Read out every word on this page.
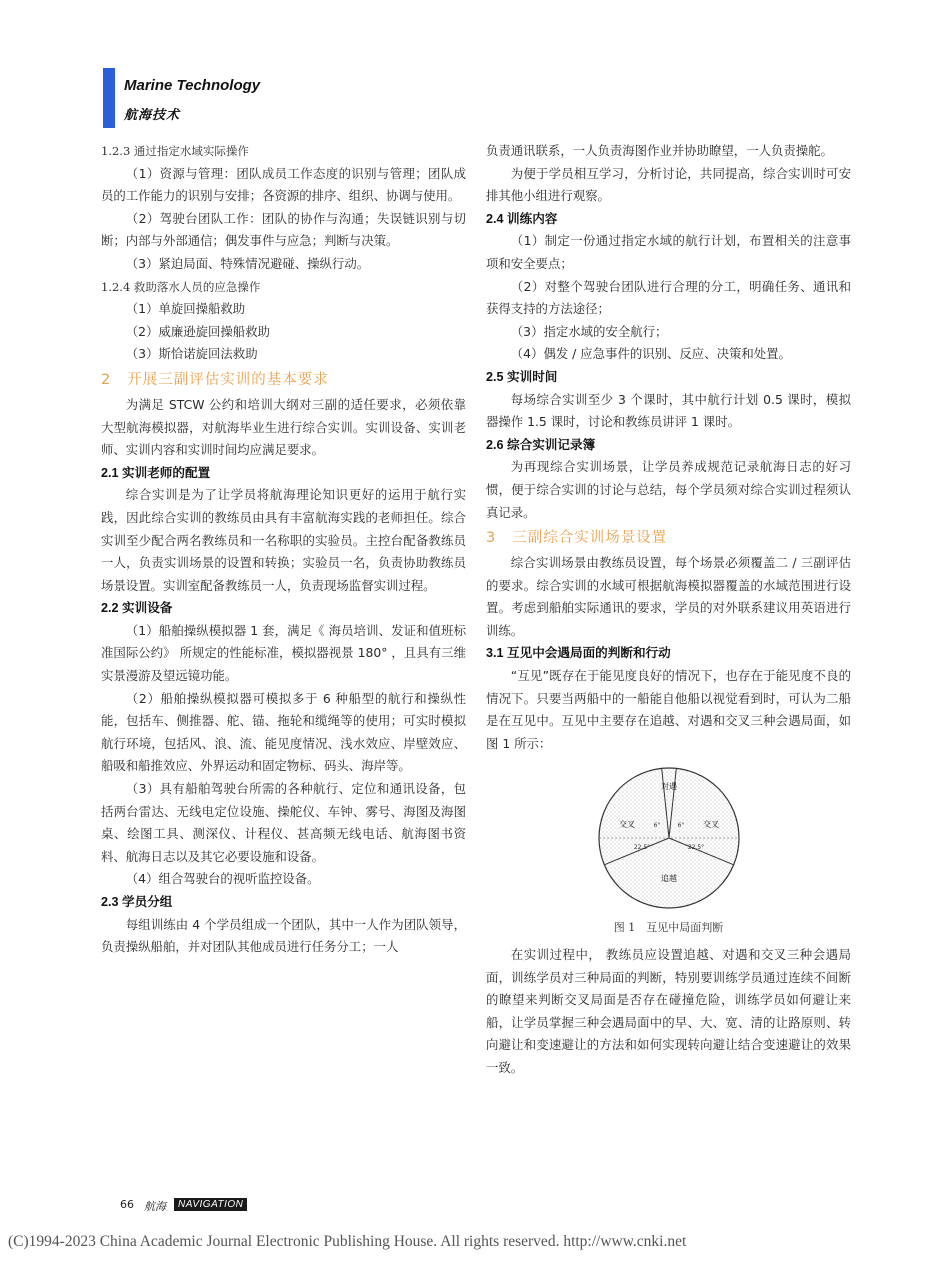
Marine Technology
航海技术

1.2.3 通过指定水域实际操作

（1）资源与管理：团队成员工作态度的识别与管理；团队成员的工作能力的识别与安排；各资源的排序、组织、协调与使用。

（2）驾驶台团队工作：团队的协作与沟通；失误链识别与切断；内部与外部通信；偶发事件与应急；判断与决策。

（3）紧迫局面、特殊情况避碰、操纵行动。

1.2.4 救助落水人员的应急操作

（1）单旋回操船救助

（2）威廉逊旋回操船救助

（3）斯恰诺旋回法救助

2 开展三副评估实训的基本要求

为满足 STCW 公约和培训大纲对三副的适任要求，必须依靠大型航海模拟器，对航海毕业生进行综合实训。实训设备、实训老师、实训内容和实训时间均应满足要求。

2.1 实训老师的配置

综合实训是为了让学员将航海理论知识更好的运用于航行实践，因此综合实训的教练员由具有丰富航海实践的老师担任。综合实训至少配合两名教练员和一名称职的实验员。主控台配备教练员一人，负责实训场景的设置和转换；实验员一名，负责协助教练员场景设置。实训室配备教练员一人，负责现场监督实训过程。

2.2 实训设备

（1）船舶操纵模拟器 1 套，满足《 海员培训、发证和值班标准国际公约》 所规定的性能标准，模拟器视景 180° ，且具有三维实景漫游及望远镜功能。

（2）船舶操纵模拟器可模拟多于 6 种船型的航行和操纵性能，包括车、侧推器、舵、锚、拖轮和缆绳等的使用；可实时模拟航行环境，包括风、浪、流、能见度情况、浅水效应、岸壁效应、船吸和船推效应、外界运动和固定物标、码头、海岸等。

（3）具有船舶驾驶台所需的各种航行、定位和通讯设备，包括两台雷达、无线电定位设施、操舵仪、车钟、雾号、海图及海图桌、绘图工具、测深仪、计程仪、甚高频无线电话、航海图书资料、航海日志以及其它必要设施和设备。

（4）组合驾驶台的视听监控设备。

2.3 学员分组

每组训练由 4 个学员组成一个团队，其中一人作为团队领导，负责操纵船舶，并对团队其他成员进行任务分工；一人

负责通讯联系，一人负责海图作业并协助瞭望，一人负责操舵。

为便于学员相互学习，分析讨论，共同提高，综合实训时可安排其他小组进行观察。

2.4 训练内容

（1）制定一份通过指定水域的航行计划，布置相关的注意事项和安全要点；

（2）对整个驾驶台团队进行合理的分工，明确任务、通讯和获得支持的方法途径；

（3）指定水域的安全航行；

（4）偶发 / 应急事件的识别、反应、决策和处置。

2.5 实训时间

每场综合实训至少 3 个课时，其中航行计划 0.5 课时，模拟器操作 1.5 课时，讨论和教练员讲评 1 课时。

2.6 综合实训记录簿

为再现综合实训场景，让学员养成规范记录航海日志的好习惯，便于综合实训的讨论与总结，每个学员须对综合实训过程须认真记录。

3 三副综合实训场景设置

综合实训场景由教练员设置，每个场景必须覆盖二 / 三副评估的要求。综合实训的水域可根据航海模拟器覆盖的水域范围进行设置。考虑到船舶实际通讯的要求，学员的对外联系建议用英语进行训练。

3.1 互见中会遇局面的判断和行动

“互见”既存在于能见度良好的情况下，也存在于能见度不良的情况下。只要当两船中的一船能自他船以视觉看到时，可认为二船是在互见中。互见中主要存在追越、对遇和交叉三种会遇局面，如图 1 所示：

对遇
交叉	交叉
追越
6°	6°
22.5°	22.5°

图 1　互见中局面判断

在实训过程中， 教练员应设置追越、对遇和交叉三种会遇局面，训练学员对三种局面的判断，特别要训练学员通过连续不间断的瞭望来判断交叉局面是否存在碰撞危险，训练学员如何避让来船，让学员掌握三种会遇局面中的早、大、宽、清的让路原则、转向避让和变速避让的方法和如何实现转向避让结合变速避让的效果一致。

66 航海	NAVIGATION
(C)1994-2023 China Academic Journal Electronic Publishing House. All rights reserved. http://www.cnki.net
